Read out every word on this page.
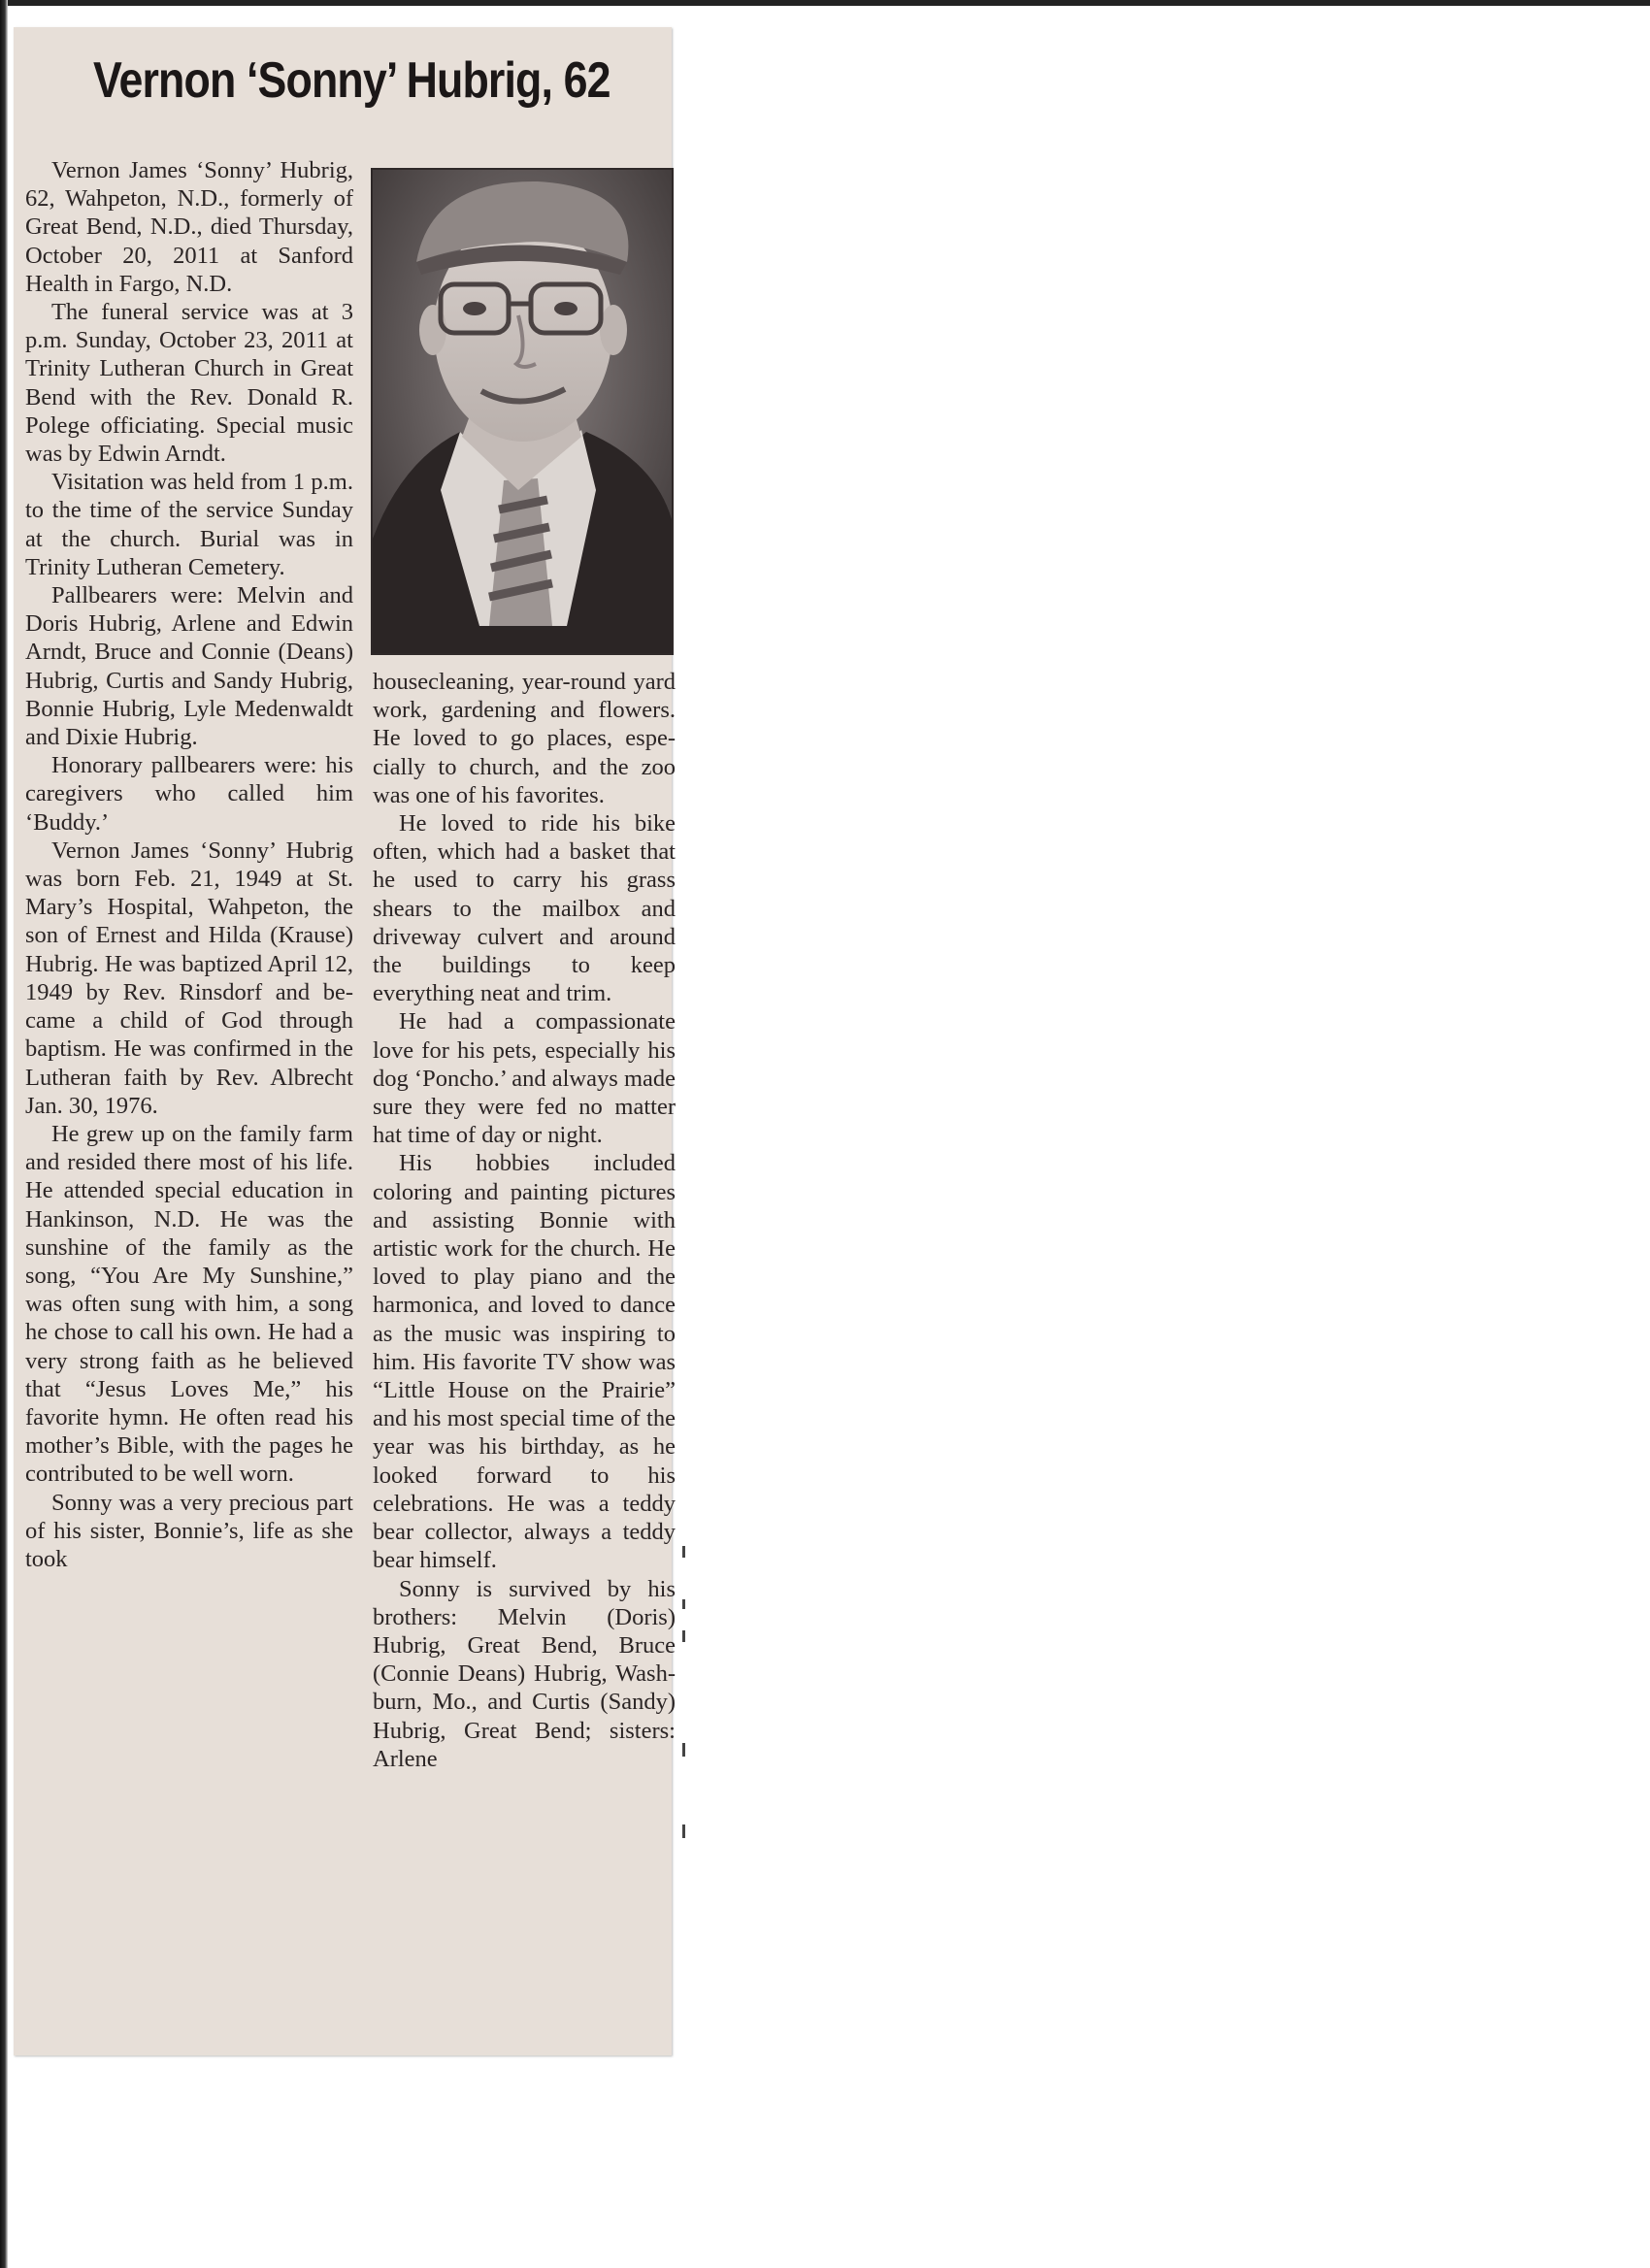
Vernon ‘Sonny’ Hubrig, 62

Vernon James ‘Sonny’ Hubrig, 62, Wahpeton, N.D., formerly of Great Bend, N.D., died Thursday, October 20, 2011 at Sanford Health in Fargo, N.D.

The funeral service was at 3 p.m. Sunday, October 23, 2011 at Trinity Lutheran Church in Great Bend with the Rev. Donald R. Polege officiating. Special music was by Edwin Arndt.

Visitation was held from 1 p.m. to the time of the service Sunday at the church. Burial was in Trinity Lutheran Cemetery.

Pallbearers were: Melvin and Doris Hubrig, Arlene and Edwin Arndt, Bruce and Connie (Deans) Hubrig, Curtis and Sandy Hubrig, Bonnie Hubrig, Lyle Medenwaldt and Dixie Hubrig.

Honorary pallbearers were: his caregivers who called him ‘Buddy.’

Vernon James ‘Sonny’ Hubrig was born Feb. 21, 1949 at St. Mary’s Hospital, Wahpeton, the son of Ernest and Hilda (Krause) Hubrig. He was baptized April 12, 1949 by Rev. Rinsdorf and became a child of God through baptism. He was confirmed in the Lutheran faith by Rev. Albrecht Jan. 30, 1976.

He grew up on the family farm and resided there most of his life. He attended special education in Hankinson, N.D. He was the sunshine of the family as the song, “You Are My Sunshine,” was often sung with him, a song he chose to call his own. He had a very strong faith as he believed that “Jesus Loves Me,” his favorite hymn. He often read his mother’s Bible, with the pages he contributed to be well worn.

Sonny was a very precious part of his sister, Bonnie’s, life as she took

housecleaning, year-round yard work, gardening and flowers. He loved to go places, especially to church, and the zoo was one of his favorites.

He loved to ride his bike often, which had a basket that he used to carry his grass shears to the mailbox and driveway culvert and around the buildings to keep everything neat and trim.

He had a compassionate love for his pets, especially his dog ‘Poncho.’ and always made sure they were fed no matter hat time of day or night.

His hobbies included coloring and painting pictures and assisting Bonnie with artistic work for the church. He loved to play piano and the harmonica, and loved to dance as the music was inspiring to him. His favorite TV show was “Little House on the Prairie” and his most special time of the year was his birthday, as he looked forward to his celebrations. He was a teddy bear collector, always a teddy bear himself.

Sonny is survived by his brothers: Melvin (Doris) Hubrig, Great Bend, Bruce (Connie Deans) Hubrig, Washburn, Mo., and Curtis (Sandy) Hubrig, Great Bend; sisters: Arlene
